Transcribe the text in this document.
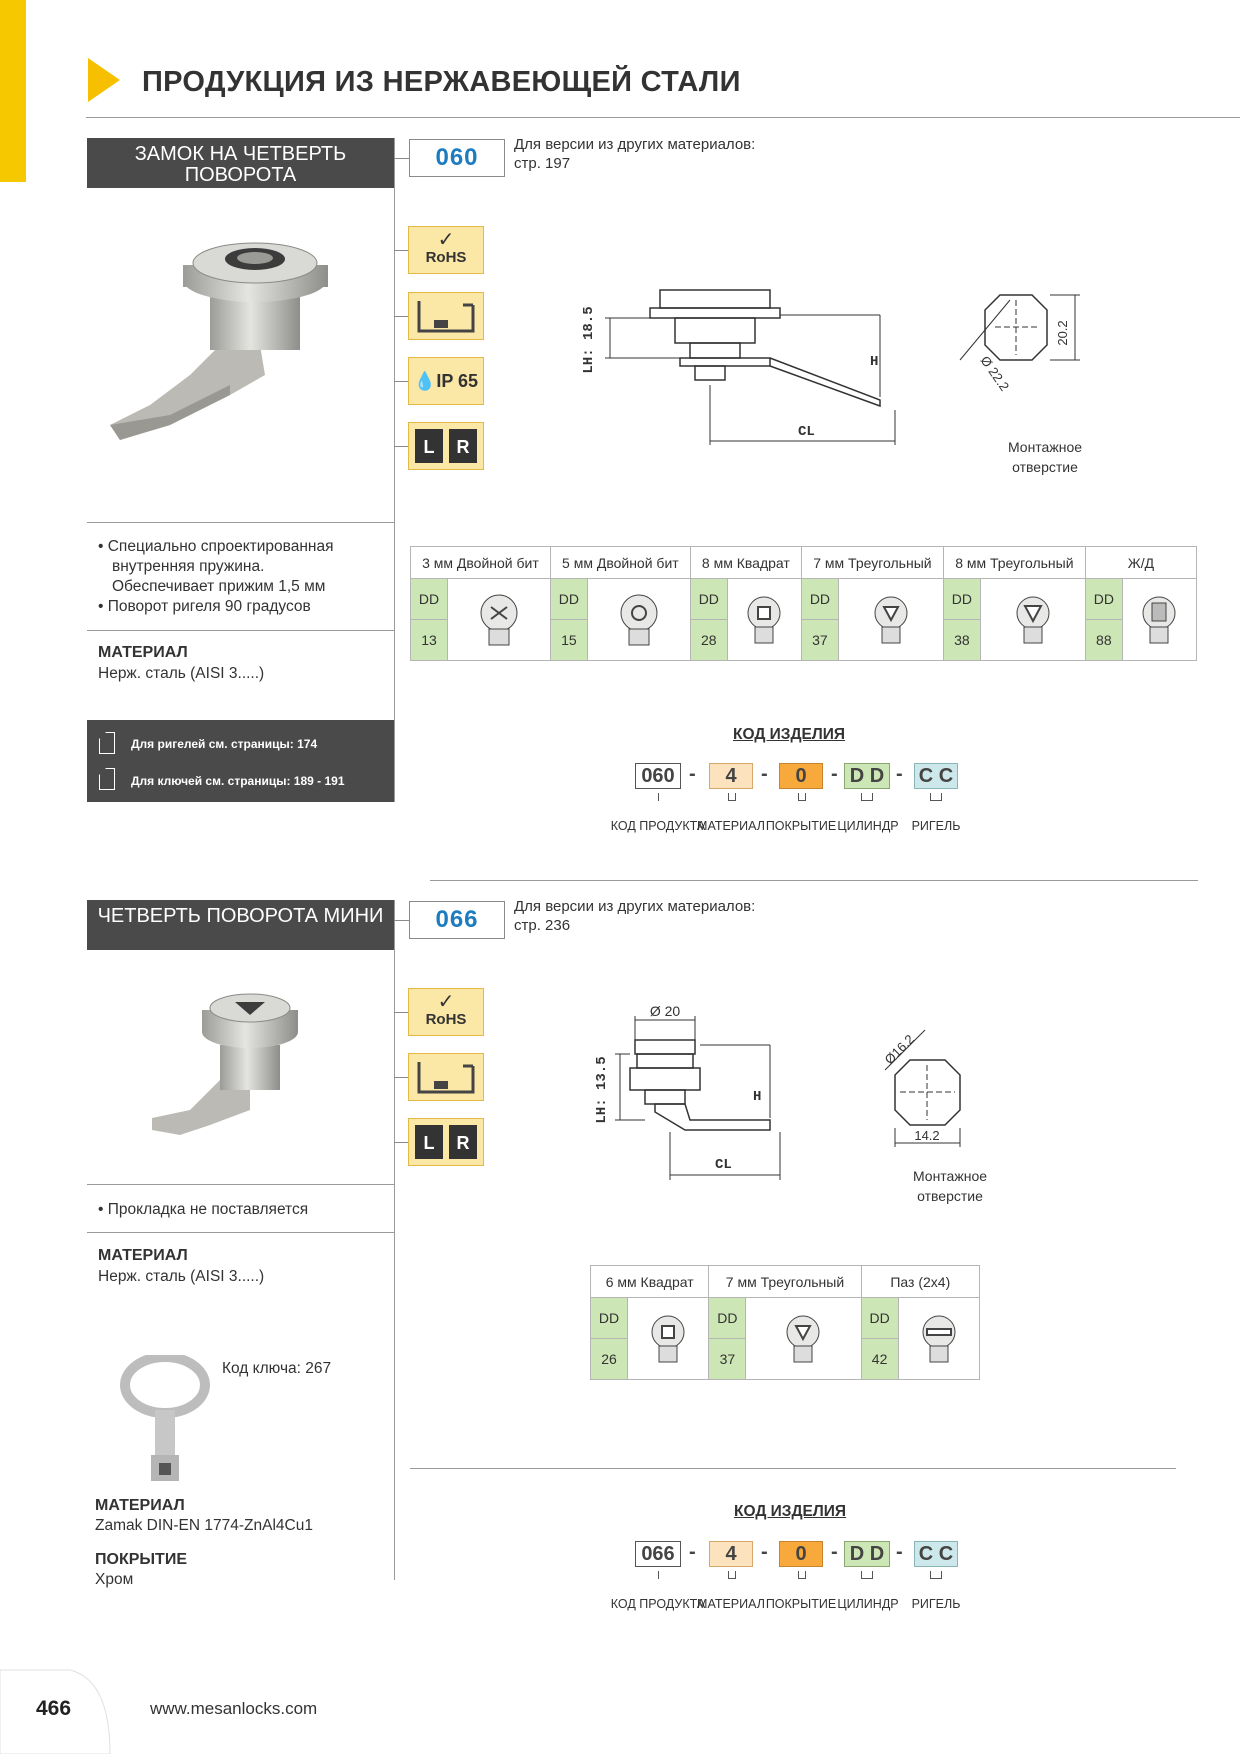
ПРОДУКЦИЯ ИЗ НЕРЖАВЕЮЩЕЙ СТАЛИ
ЗАМОК НА ЧЕТВЕРТЬ ПОВОРОТА
060	Для версии из других материалов:
стр. 197
✓
RoHS
💧IP 65
L R
LH: 18.5	H
CL
20.2
Ø 22.2
Монтажное отверстие
• Специально спроектированная
внутренняя пружина.
Обеспечивает прижим 1,5 мм
• Поворот ригеля 90 градусов
МАТЕРИАЛ
Нерж. сталь (AISI 3.....)
Для ригелей см. страницы: 174
Для ключей см. страницы: 189 - 191
3 мм Двойной бит		5 мм Двойной бит		8 мм Квадрат		7 мм Треугольный		8 мм Треугольный		Ж/Д	
DD		DD		DD		DD		DD		DD	
13		15		28		37		38		88	
КОД ИЗДЕЛИЯ
060 -	4	-	0	- D D - C C
КОД ПРОДУКТА
МАТЕРИАЛ ПОКРЫТИЕ ЦИЛИНДР	РИГЕЛЬ
ЧЕТВЕРТЬ ПОВОРОТА МИНИ	066	Для версии из других материалов:
стр. 236
✓
RoHS
L R
Ø 20
LH: 13.5	H
CL
Ø16.2
14.2
Монтажное отверстие
• Прокладка не поставляется
МАТЕРИАЛ
Нерж. сталь (AISI 3.....)
Код ключа: 267
МАТЕРИАЛ
Zamak DIN-EN 1774-ZnAl4Cu1
ПОКРЫТИЕ
Хром
6 мм Квадрат		7 мм Треугольный		Паз (2x4)	
DD		DD		DD	
26		37		42	
КОД ИЗДЕЛИЯ
066 -	4	-	0	- D D - C C
КОД ПРОДУКТА
МАТЕРИАЛ ПОКРЫТИЕ ЦИЛИНДР	РИГЕЛЬ
466	www.mesanlocks.com
